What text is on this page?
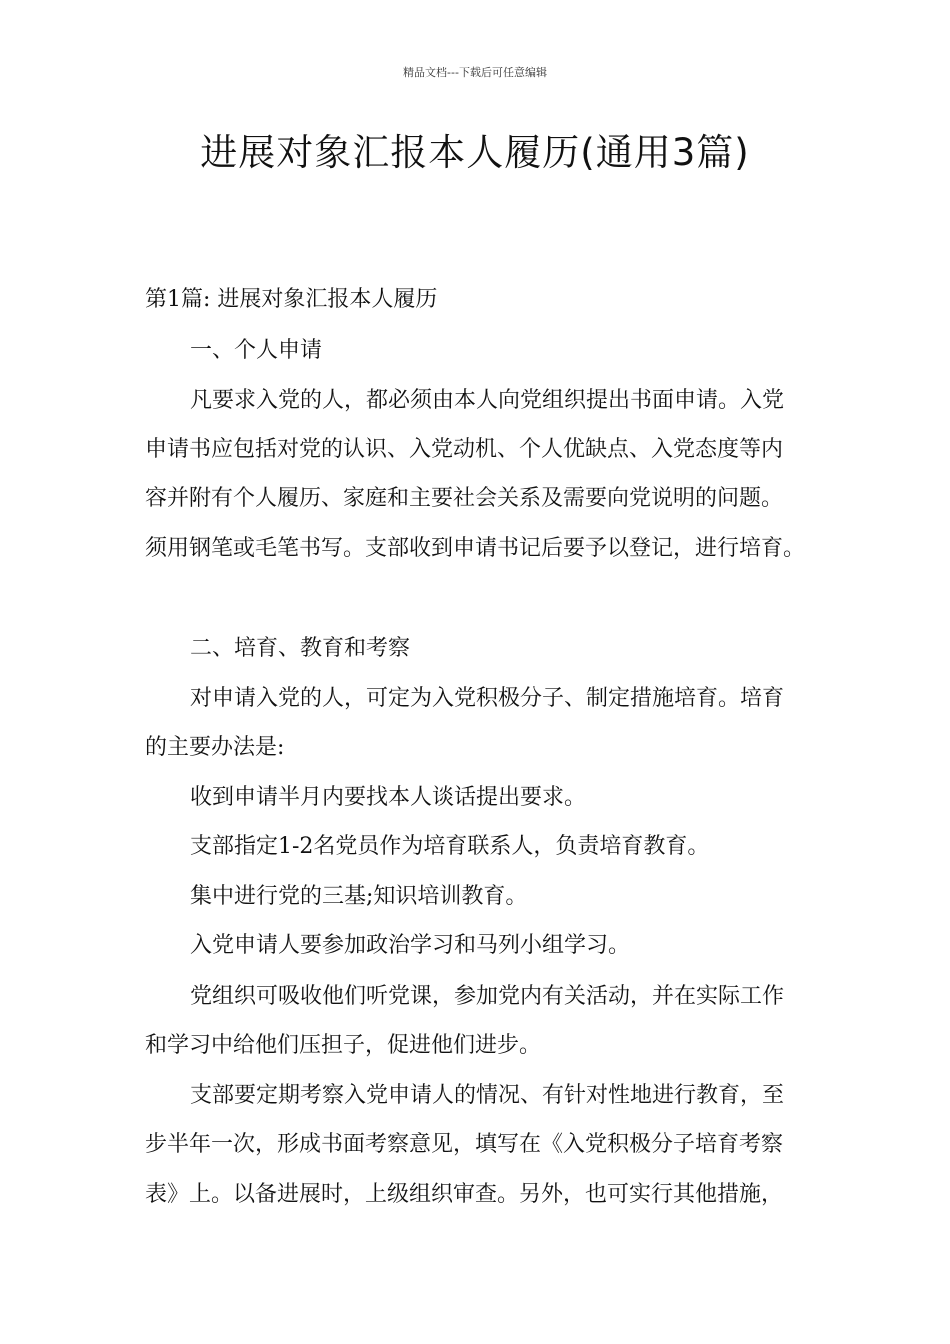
精品文档---下载后可任意编辑
进展对象汇报本人履历(通用3篇)
第1篇: 进展对象汇报本人履历
一、个人申请
凡要求入党的人，都必须由本人向党组织提出书面申请。入党
申请书应包括对党的认识、入党动机、个人优缺点、入党态度等内
容并附有个人履历、家庭和主要社会关系及需要向党说明的问题。
须用钢笔或毛笔书写。支部收到申请书记后要予以登记，进行培育。
二、培育、教育和考察
对申请入党的人，可定为入党积极分子、制定措施培育。培育
的主要办法是:
收到申请半月内要找本人谈话提出要求。
支部指定1-2名党员作为培育联系人，负责培育教育。
集中进行党的三基;知识培训教育。
入党申请人要参加政治学习和马列小组学习。
党组织可吸收他们听党课，参加党内有关活动，并在实际工作
和学习中给他们压担子，促进他们进步。
支部要定期考察入党申请人的情况、有针对性地进行教育，至
步半年一次，形成书面考察意见，填写在《入党积极分子培育考察
表》上。以备进展时，上级组织审查。另外，也可实行其他措施，
